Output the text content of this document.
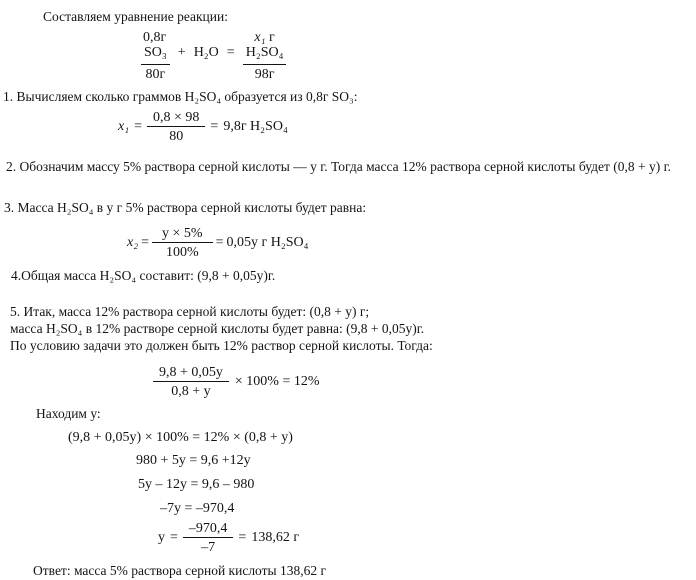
Составляем уравнение реакции:
0,8г
SO₃
80г
+ H₂O =
x₁ г
H₂SO₄
98г
1. Вычисляем сколько граммов H₂SO₄ образуется из 0,8г SO₃:
$x_1 = \frac{0,8 \times 98}{80} = 9,8г$ H₂SO₄
2. Обозначим массу 5% раствора серной кислоты — у г. Тогда масса 12% раствора серной кислоты будет (0,8 + y) г.
3. Масса H₂SO₄ в у г 5% раствора серной кислоты будет равна:
$x_2 = \frac{y \times 5\%}{100\%} = 0,05y$ г H₂SO₄
4.Общая масса H₂SO₄ составит: (9,8 + 0,05y)г.
5. Итак, масса 12% раствора серной кислоты будет: (0,8 + y) г;
масса H₂SO₄ в 12% растворе серной кислоты будет равна: (9,8 + 0,05y)г.
По условию задачи это должен быть 12% раствор серной кислоты. Тогда:
$\frac{9,8 + 0,05y}{0,8 + y} \times 100\% = 12\%$
Находим у:
(9,8 + 0,05y) × 100% = 12% × (0,8 + y)
980 + 5y = 9,6 +12y
5y – 12y = 9,6 – 980
–7y = –970,4
$y = \frac{-970,4}{-7} = 138,62$ г
Ответ: масса 5% раствора серной кислоты 138,62 г
